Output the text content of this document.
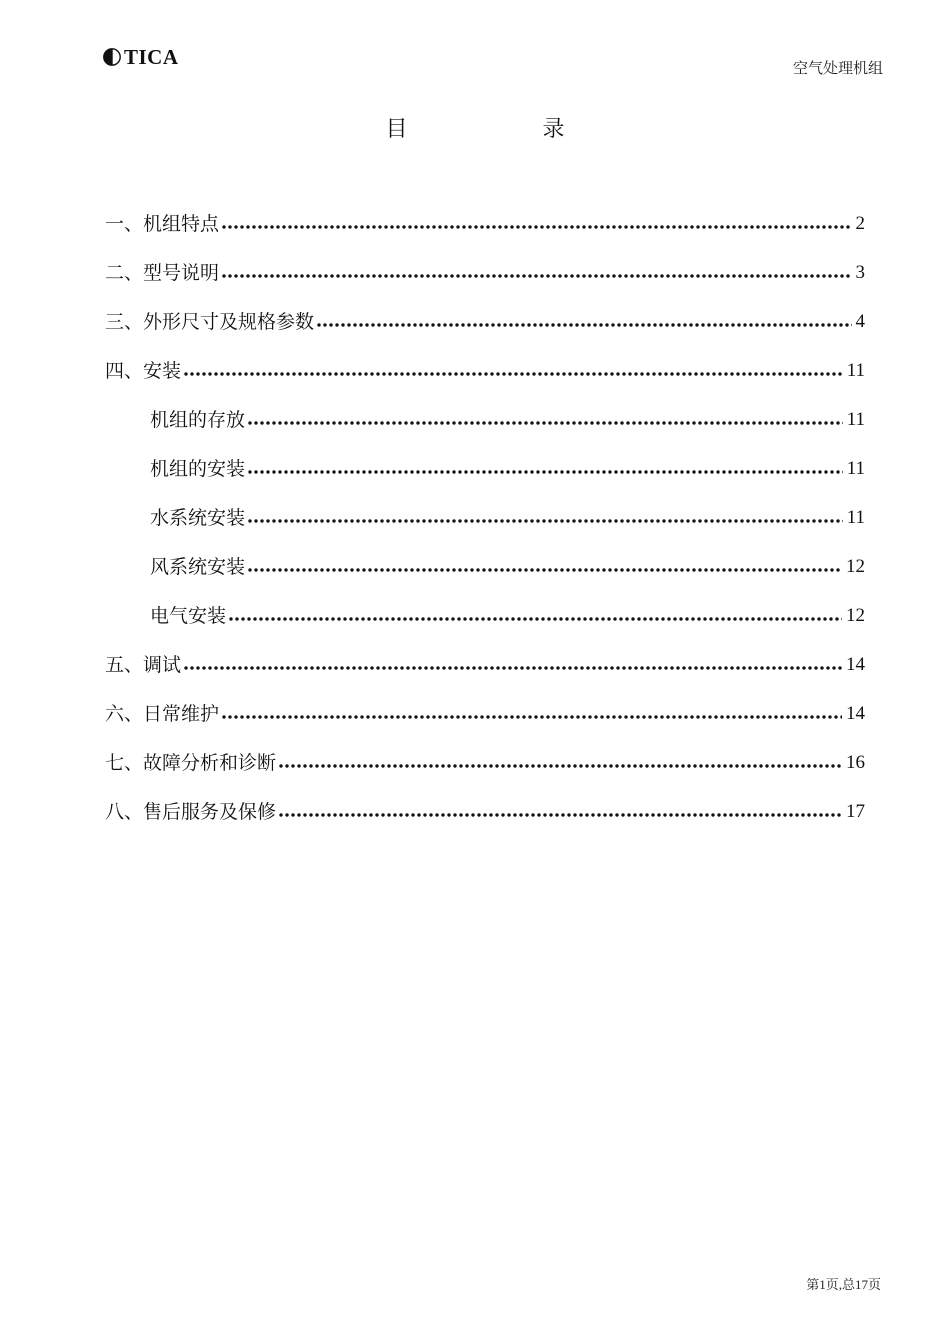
TICA	空气处理机组
目	录
一、机组特点	2
二、型号说明	3
三、外形尺寸及规格参数	4
四、安装	11
机组的存放	11
机组的安装	11
水系统安装	11
风系统安装	12
电气安装	12
五、调试	14
六、日常维护	14
七、故障分析和诊断	16
八、售后服务及保修	17
第1页,总17页
